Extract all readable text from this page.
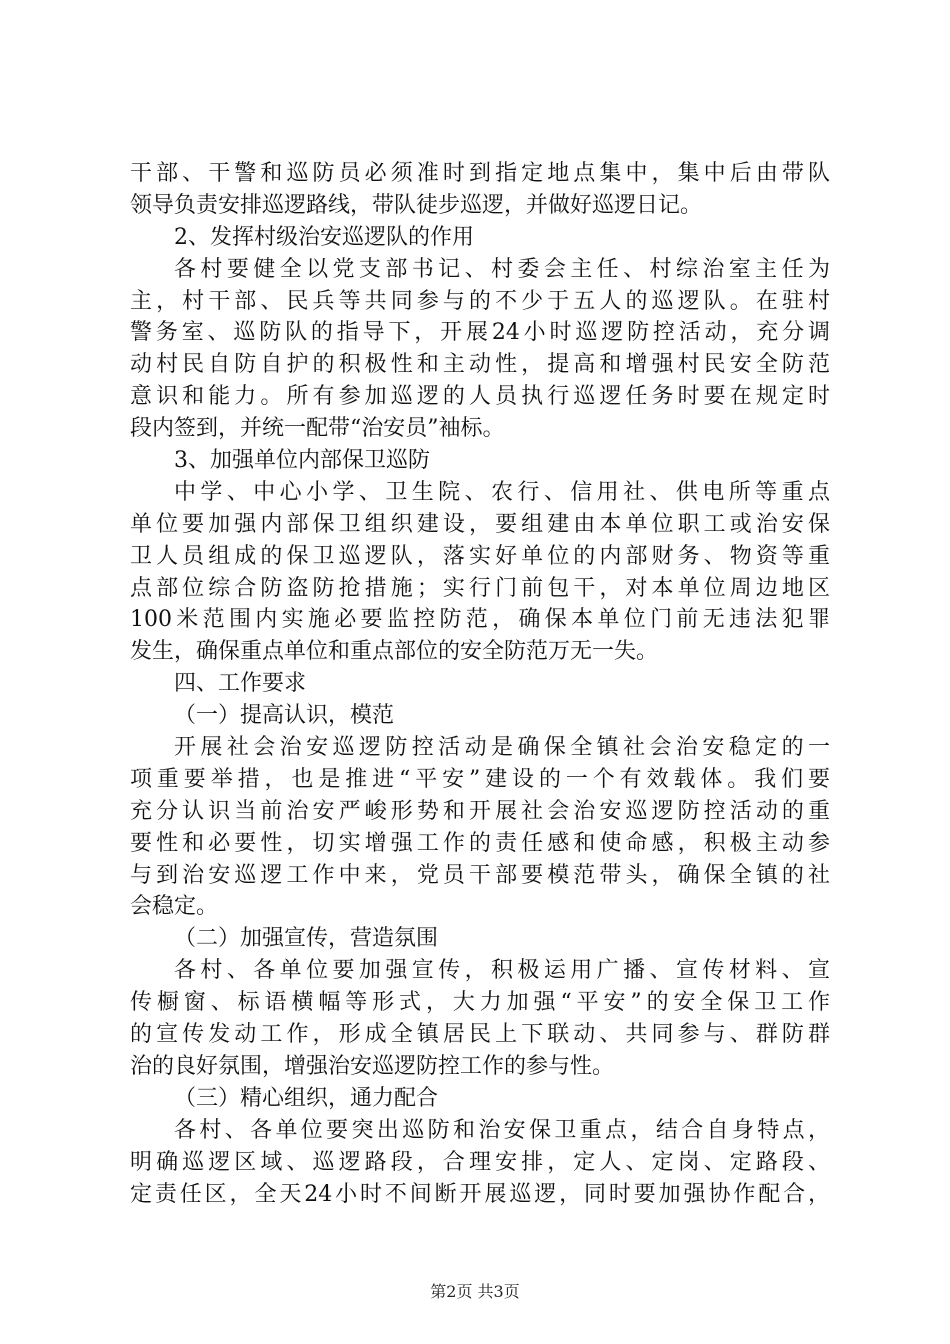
干部、干警和巡防员必须准时到指定地点集中，集中后由带队
领导负责安排巡逻路线，带队徒步巡逻，并做好巡逻日记。
2、发挥村级治安巡逻队的作用
各村要健全以党支部书记、村委会主任、村综治室主任为
主，村干部、民兵等共同参与的不少于五人的巡逻队。在驻村
警务室、巡防队的指导下，开展24小时巡逻防控活动，充分调
动村民自防自护的积极性和主动性，提高和增强村民安全防范
意识和能力。所有参加巡逻的人员执行巡逻任务时要在规定时
段内签到，并统一配带“治安员”袖标。
3、加强单位内部保卫巡防
中学、中心小学、卫生院、农行、信用社、供电所等重点
单位要加强内部保卫组织建设，要组建由本单位职工或治安保
卫人员组成的保卫巡逻队，落实好单位的内部财务、物资等重
点部位综合防盗防抢措施；实行门前包干，对本单位周边地区
100米范围内实施必要监控防范，确保本单位门前无违法犯罪
发生，确保重点单位和重点部位的安全防范万无一失。
四、工作要求
（一）提高认识，模范
开展社会治安巡逻防控活动是确保全镇社会治安稳定的一
项重要举措，也是推进“平安”建设的一个有效载体。我们要
充分认识当前治安严峻形势和开展社会治安巡逻防控活动的重
要性和必要性，切实增强工作的责任感和使命感，积极主动参
与到治安巡逻工作中来，党员干部要模范带头，确保全镇的社
会稳定。
（二）加强宣传，营造氛围
各村、各单位要加强宣传，积极运用广播、宣传材料、宣
传橱窗、标语横幅等形式，大力加强“平安”的安全保卫工作
的宣传发动工作，形成全镇居民上下联动、共同参与、群防群
治的良好氛围，增强治安巡逻防控工作的参与性。
（三）精心组织，通力配合
各村、各单位要突出巡防和治安保卫重点，结合自身特点，
明确巡逻区域、巡逻路段，合理安排，定人、定岗、定路段、
定责任区，全天24小时不间断开展巡逻，同时要加强协作配合，
第2页 共3页
